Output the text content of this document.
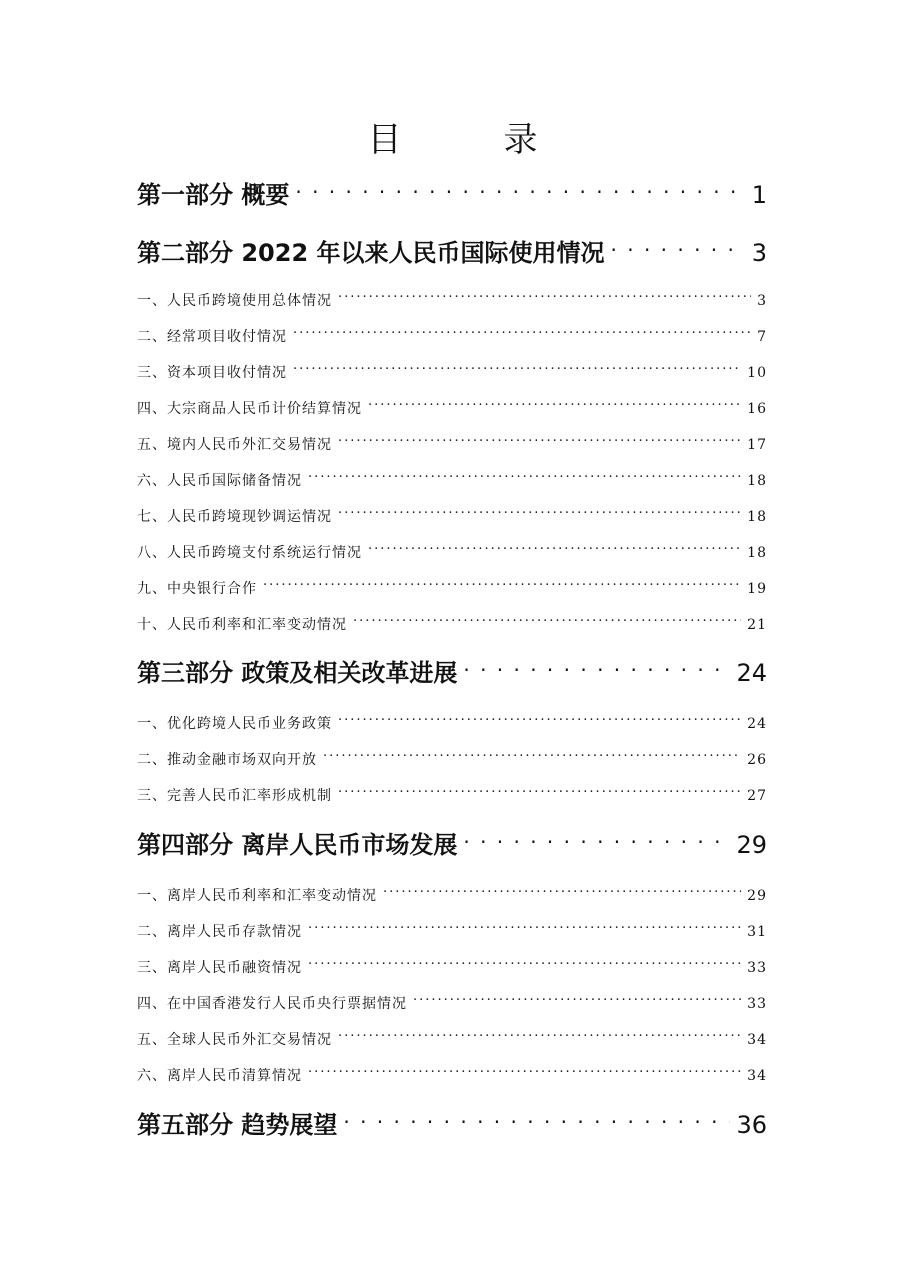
目　录
第一部分 概要 . . .	1
第二部分 2022 年以来人民币国际使用情况 . . .	3
一、人民币跨境使用总体情况 .....	3
二、经常项目收付情况 .....	7
三、资本项目收付情况 .....	10
四、大宗商品人民币计价结算情况 .....	16
五、境内人民币外汇交易情况 .....	17
六、人民币国际储备情况 .....	18
七、人民币跨境现钞调运情况 .....	18
八、人民币跨境支付系统运行情况 .....	18
九、中央银行合作 .....	19
十、人民币利率和汇率变动情况 .....	21
第三部分 政策及相关改革进展 . . .	24
一、优化跨境人民币业务政策 .....	24
二、推动金融市场双向开放 .....	26
三、完善人民币汇率形成机制 .....	27
第四部分 离岸人民币市场发展 . . .	29
一、离岸人民币利率和汇率变动情况 .....	29
二、离岸人民币存款情况 .....	31
三、离岸人民币融资情况 .....	33
四、在中国香港发行人民币央行票据情况 .....	33
五、全球人民币外汇交易情况 .....	34
六、离岸人民币清算情况 .....	34
第五部分 趋势展望 . . .	36
